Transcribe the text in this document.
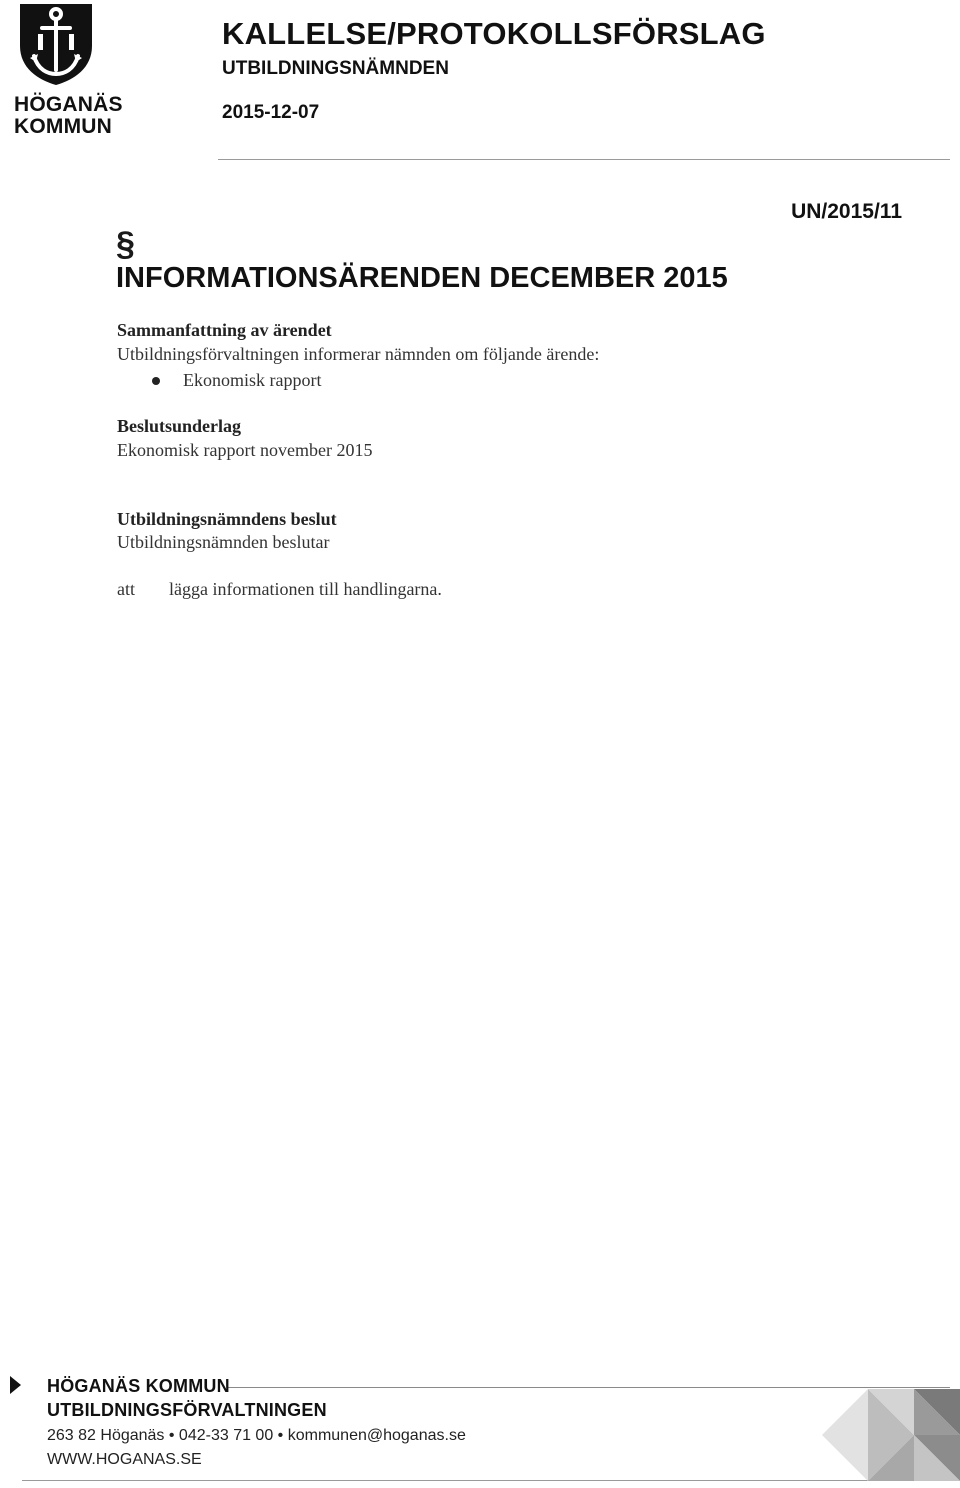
HÖGANÄS
KOMMUN
KALLELSE/PROTOKOLLSFÖRSLAG
UTBILDNINGSNÄMNDEN
2015-12-07
UN/2015/11
§
INFORMATIONSÄRENDEN DECEMBER 2015
Sammanfattning av ärendet
Utbildningsförvaltningen informerar nämnden om följande ärende:
Ekonomisk rapport
Beslutsunderlag
Ekonomisk rapport november 2015
Utbildningsnämndens beslut
Utbildningsnämnden beslutar
att lägga informationen till handlingarna.
HÖGANÄS KOMMUN
UTBILDNINGSFÖRVALTNINGEN
263 82 Höganäs • 042-33 71 00 • kommunen@hoganas.se
WWW.HOGANAS.SE
